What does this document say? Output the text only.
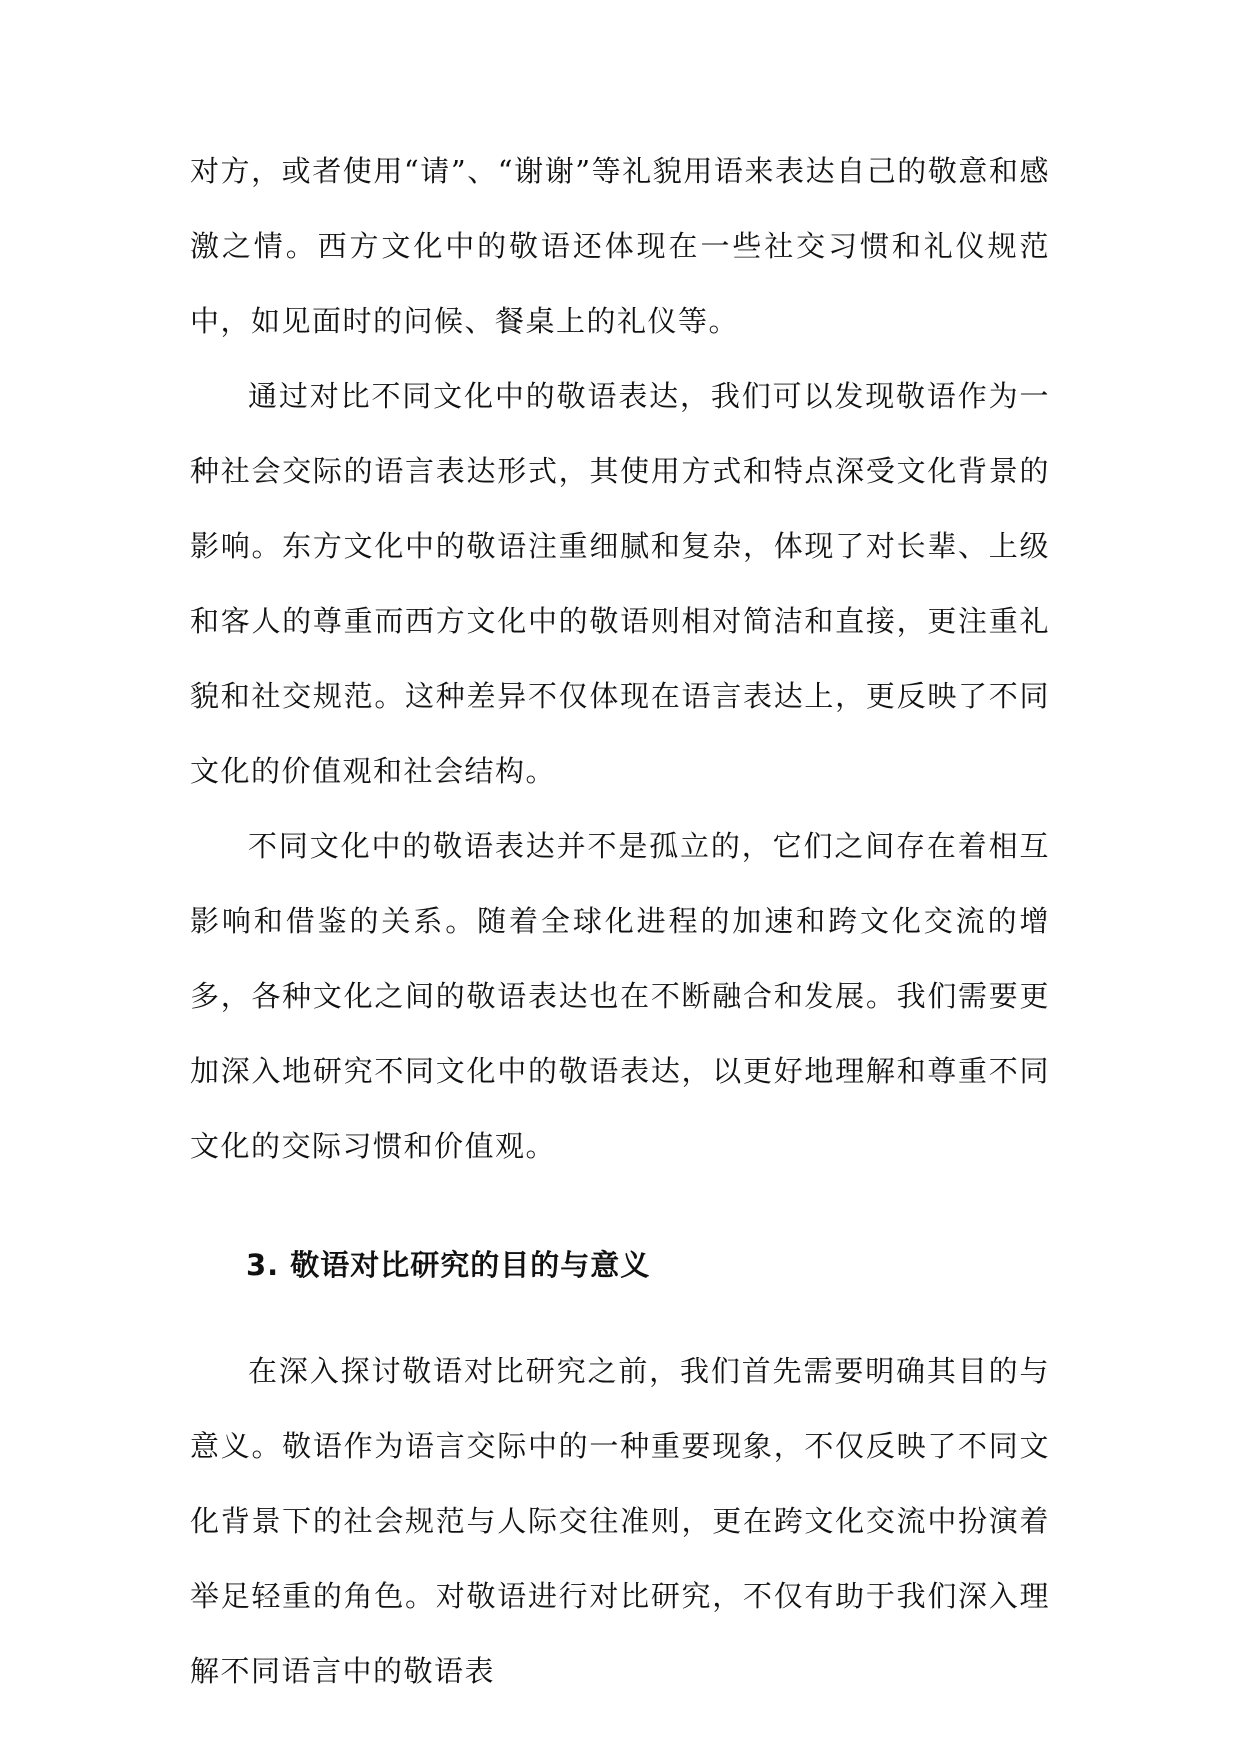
对方，或者使用“请”、“谢谢”等礼貌用语来表达自己的敬意和感激之情。西方文化中的敬语还体现在一些社交习惯和礼仪规范中，如见面时的问候、餐桌上的礼仪等。

通过对比不同文化中的敬语表达，我们可以发现敬语作为一种社会交际的语言表达形式，其使用方式和特点深受文化背景的影响。东方文化中的敬语注重细腻和复杂，体现了对长辈、上级和客人的尊重而西方文化中的敬语则相对简洁和直接，更注重礼貌和社交规范。这种差异不仅体现在语言表达上，更反映了不同文化的价值观和社会结构。

不同文化中的敬语表达并不是孤立的，它们之间存在着相互影响和借鉴的关系。随着全球化进程的加速和跨文化交流的增多，各种文化之间的敬语表达也在不断融合和发展。我们需要更加深入地研究不同文化中的敬语表达，以更好地理解和尊重不同文化的交际习惯和价值观。

3. 敬语对比研究的目的与意义

在深入探讨敬语对比研究之前，我们首先需要明确其目的与意义。敬语作为语言交际中的一种重要现象，不仅反映了不同文化背景下的社会规范与人际交往准则，更在跨文化交流中扮演着举足轻重的角色。对敬语进行对比研究，不仅有助于我们深入理解不同语言中的敬语表
